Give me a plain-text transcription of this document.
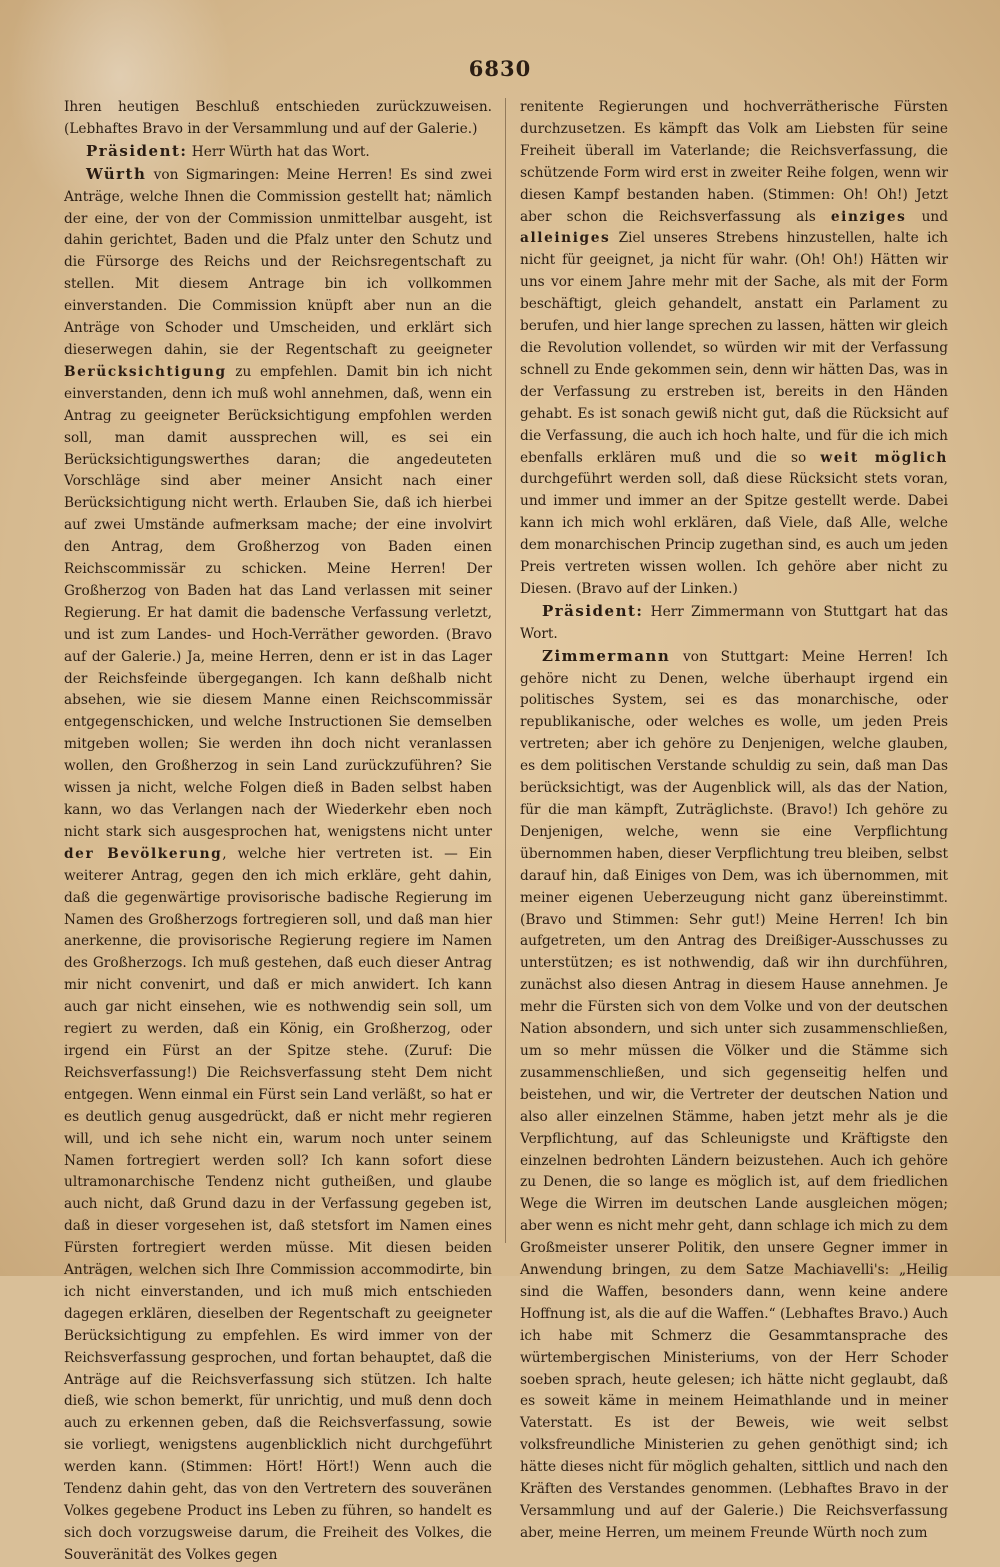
6830

Ihren heutigen Beschluß entschieden zurückzuweisen. (Lebhaftes Bravo in der Versammlung und auf der Galerie.)

Präsident: Herr Würth hat das Wort.

Würth von Sigmaringen: Meine Herren! Es sind zwei Anträge, welche Ihnen die Commission gestellt hat; nämlich der eine, der von der Commission unmittelbar ausgeht, ist dahin gerichtet, Baden und die Pfalz unter den Schutz und die Fürsorge des Reichs und der Reichsregentschaft zu stellen. Mit diesem Antrage bin ich vollkommen einverstanden. Die Commission knüpft aber nun an die Anträge von Schoder und Umscheiden, und erklärt sich dieserwegen dahin, sie der Regentschaft zu geeigneter Berücksichtigung zu empfehlen. Damit bin ich nicht einverstanden, denn ich muß wohl annehmen, daß, wenn ein Antrag zu geeigneter Berücksichtigung empfohlen werden soll, man damit aussprechen will, es sei ein Berücksichtigungswerthes daran; die angedeuteten Vorschläge sind aber meiner Ansicht nach einer Berücksichtigung nicht werth. Erlauben Sie, daß ich hierbei auf zwei Umstände aufmerksam mache; der eine involvirt den Antrag, dem Großherzog von Baden einen Reichscommissär zu schicken. Meine Herren! Der Großherzog von Baden hat das Land verlassen mit seiner Regierung. Er hat damit die badensche Verfassung verletzt, und ist zum Landes- und Hoch-Verräther geworden. (Bravo auf der Galerie.) Ja, meine Herren, denn er ist in das Lager der Reichsfeinde übergegangen. Ich kann deßhalb nicht absehen, wie sie diesem Manne einen Reichscommissär entgegenschicken, und welche Instructionen Sie demselben mitgeben wollen; Sie werden ihn doch nicht veranlassen wollen, den Großherzog in sein Land zurückzuführen? Sie wissen ja nicht, welche Folgen dieß in Baden selbst haben kann, wo das Verlangen nach der Wiederkehr eben noch nicht stark sich ausgesprochen hat, wenigstens nicht unter der Bevölkerung, welche hier vertreten ist. — Ein weiterer Antrag, gegen den ich mich erkläre, geht dahin, daß die gegenwärtige provisorische badische Regierung im Namen des Großherzogs fortregieren soll, und daß man hier anerkenne, die provisorische Regierung regiere im Namen des Großherzogs. Ich muß gestehen, daß euch dieser Antrag mir nicht convenirt, und daß er mich anwidert. Ich kann auch gar nicht einsehen, wie es nothwendig sein soll, um regiert zu werden, daß ein König, ein Großherzog, oder irgend ein Fürst an der Spitze stehe. (Zuruf: Die Reichsverfassung!) Die Reichsverfassung steht Dem nicht entgegen. Wenn einmal ein Fürst sein Land verläßt, so hat er es deutlich genug ausgedrückt, daß er nicht mehr regieren will, und ich sehe nicht ein, warum noch unter seinem Namen fortregiert werden soll? Ich kann sofort diese ultramonarchische Tendenz nicht gutheißen, und glaube auch nicht, daß Grund dazu in der Verfassung gegeben ist, daß in dieser vorgesehen ist, daß stetsfort im Namen eines Fürsten fortregiert werden müsse. Mit diesen beiden Anträgen, welchen sich Ihre Commission accommodirte, bin ich nicht einverstanden, und ich muß mich entschieden dagegen erklären, dieselben der Regentschaft zu geeigneter Berücksichtigung zu empfehlen. Es wird immer von der Reichsverfassung gesprochen, und fortan behauptet, daß die Anträge auf die Reichsverfassung sich stützen. Ich halte dieß, wie schon bemerkt, für unrichtig, und muß denn doch auch zu erkennen geben, daß die Reichsverfassung, sowie sie vorliegt, wenigstens augenblicklich nicht durchgeführt werden kann. (Stimmen: Hört! Hört!) Wenn auch die Tendenz dahin geht, das von den Vertretern des souveränen Volkes gegebene Product ins Leben zu führen, so handelt es sich doch vorzugsweise darum, die Freiheit des Volkes, die Souveränität des Volkes gegen

renitente Regierungen und hochverrätherische Fürsten durchzusetzen. Es kämpft das Volk am Liebsten für seine Freiheit überall im Vaterlande; die Reichsverfassung, die schützende Form wird erst in zweiter Reihe folgen, wenn wir diesen Kampf bestanden haben. (Stimmen: Oh! Oh!) Jetzt aber schon die Reichsverfassung als einziges und alleiniges Ziel unseres Strebens hinzustellen, halte ich nicht für geeignet, ja nicht für wahr. (Oh! Oh!) Hätten wir uns vor einem Jahre mehr mit der Sache, als mit der Form beschäftigt, gleich gehandelt, anstatt ein Parlament zu berufen, und hier lange sprechen zu lassen, hätten wir gleich die Revolution vollendet, so würden wir mit der Verfassung schnell zu Ende gekommen sein, denn wir hätten Das, was in der Verfassung zu erstreben ist, bereits in den Händen gehabt. Es ist sonach gewiß nicht gut, daß die Rücksicht auf die Verfassung, die auch ich hoch halte, und für die ich mich ebenfalls erklären muß und die so weit möglich durchgeführt werden soll, daß diese Rücksicht stets voran, und immer und immer an der Spitze gestellt werde. Dabei kann ich mich wohl erklären, daß Viele, daß Alle, welche dem monarchischen Princip zugethan sind, es auch um jeden Preis vertreten wissen wollen. Ich gehöre aber nicht zu Diesen. (Bravo auf der Linken.)

Präsident: Herr Zimmermann von Stuttgart hat das Wort.

Zimmermann von Stuttgart: Meine Herren! Ich gehöre nicht zu Denen, welche überhaupt irgend ein politisches System, sei es das monarchische, oder republikanische, oder welches es wolle, um jeden Preis vertreten; aber ich gehöre zu Denjenigen, welche glauben, es dem politischen Verstande schuldig zu sein, daß man Das berücksichtigt, was der Augenblick will, als das der Nation, für die man kämpft, Zuträglichste. (Bravo!) Ich gehöre zu Denjenigen, welche, wenn sie eine Verpflichtung übernommen haben, dieser Verpflichtung treu bleiben, selbst darauf hin, daß Einiges von Dem, was ich übernommen, mit meiner eigenen Ueberzeugung nicht ganz übereinstimmt. (Bravo und Stimmen: Sehr gut!) Meine Herren! Ich bin aufgetreten, um den Antrag des Dreißiger-Ausschusses zu unterstützen; es ist nothwendig, daß wir ihn durchführen, zunächst also diesen Antrag in diesem Hause annehmen. Je mehr die Fürsten sich von dem Volke und von der deutschen Nation absondern, und sich unter sich zusammenschließen, um so mehr müssen die Völker und die Stämme sich zusammenschließen, und sich gegenseitig helfen und beistehen, und wir, die Vertreter der deutschen Nation und also aller einzelnen Stämme, haben jetzt mehr als je die Verpflichtung, auf das Schleunigste und Kräftigste den einzelnen bedrohten Ländern beizustehen. Auch ich gehöre zu Denen, die so lange es möglich ist, auf dem friedlichen Wege die Wirren im deutschen Lande ausgleichen mögen; aber wenn es nicht mehr geht, dann schlage ich mich zu dem Großmeister unserer Politik, den unsere Gegner immer in Anwendung bringen, zu dem Satze Machiavelli's: „Heilig sind die Waffen, besonders dann, wenn keine andere Hoffnung ist, als die auf die Waffen.“ (Lebhaftes Bravo.) Auch ich habe mit Schmerz die Gesammtansprache des würtembergischen Ministeriums, von der Herr Schoder soeben sprach, heute gelesen; ich hätte nicht geglaubt, daß es soweit käme in meinem Heimathlande und in meiner Vaterstatt. Es ist der Beweis, wie weit selbst volksfreundliche Ministerien zu gehen genöthigt sind; ich hätte dieses nicht für möglich gehalten, sittlich und nach den Kräften des Verstandes genommen. (Lebhaftes Bravo in der Versammlung und auf der Galerie.) Die Reichsverfassung aber, meine Herren, um meinem Freunde Würth noch zum
